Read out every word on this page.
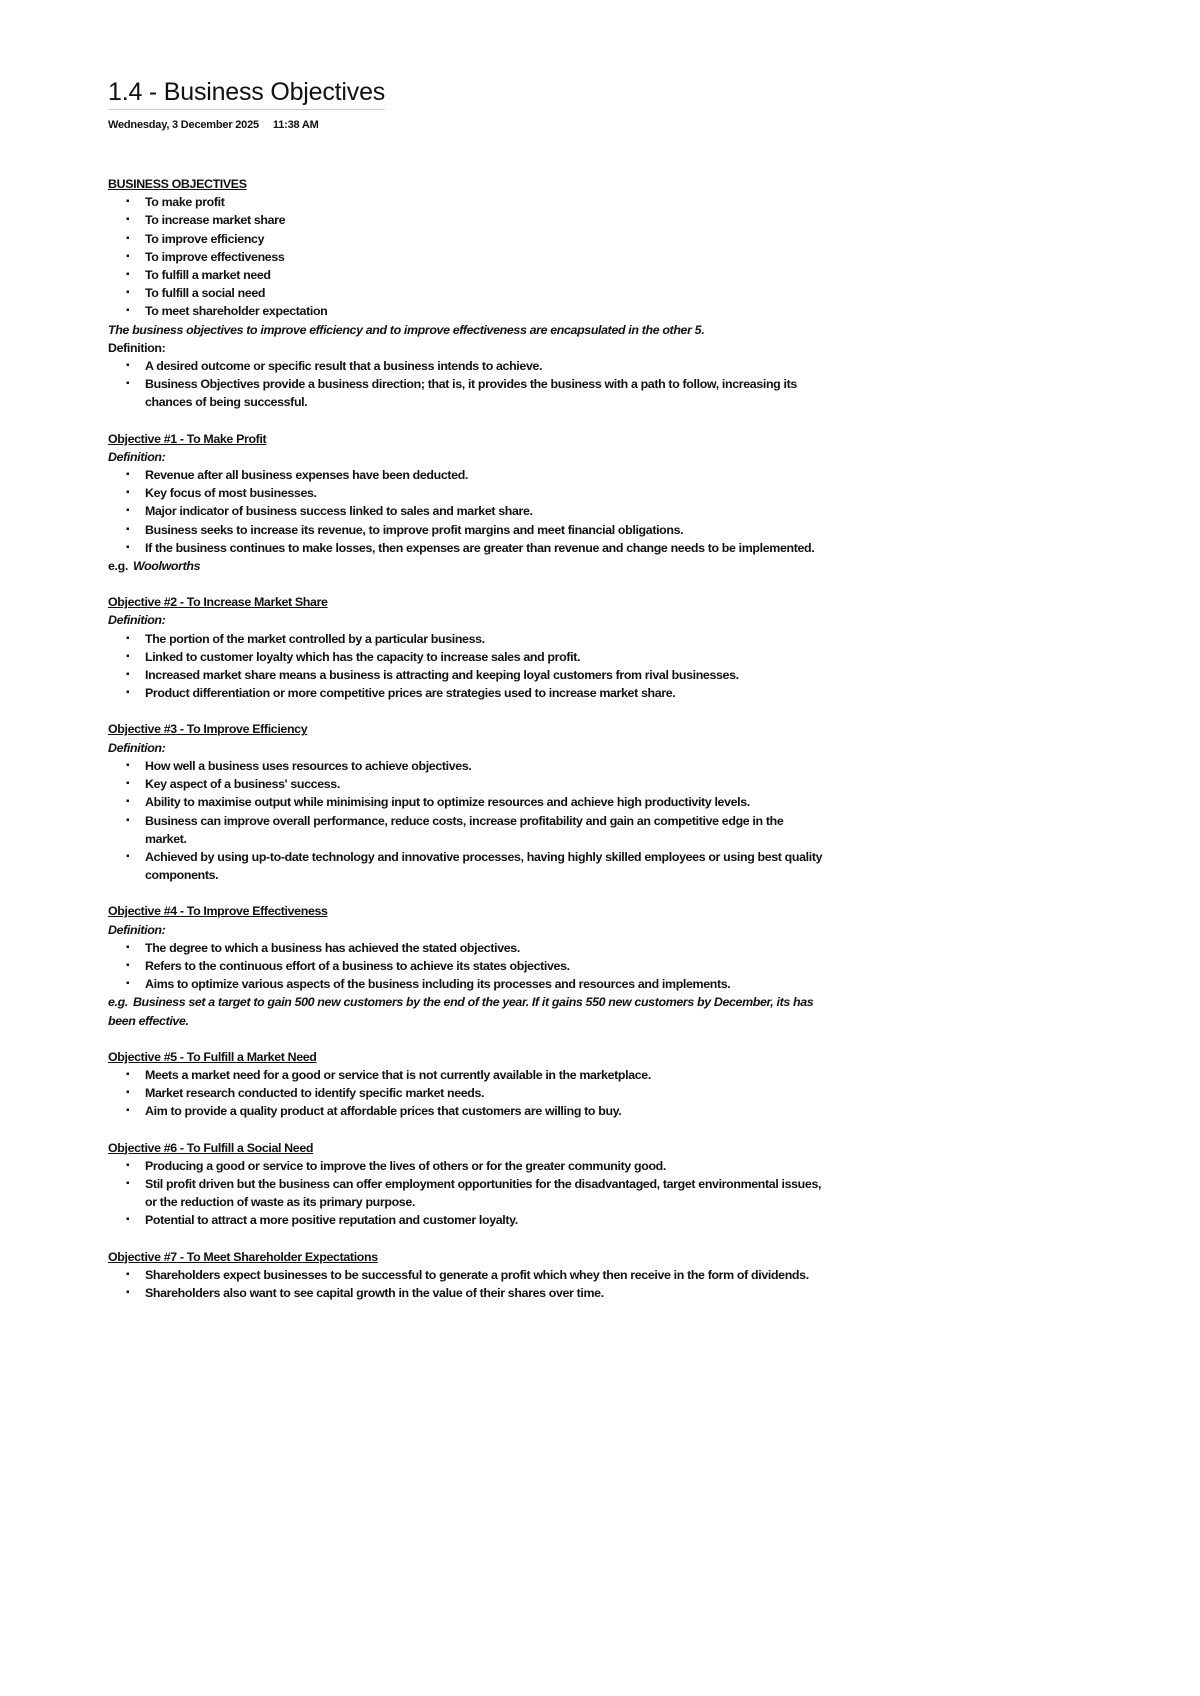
1.4 - Business Objectives
Wednesday, 3 December 2025 11:38 AM
BUSINESS OBJECTIVES
▪ To make profit
▪ To increase market share
▪ To improve efficiency
▪ To improve effectiveness
▪ To fulfill a market need
▪ To fulfill a social need
▪ To meet shareholder expectation
The business objectives to improve efficiency and to improve effectiveness are encapsulated in the other 5.
Definition:
▪ A desired outcome or specific result that a business intends to achieve.
▪ Business Objectives provide a business direction; that is, it provides the business with a path to follow, increasing its chances of being successful.
Objective #1 - To Make Profit
Definition:
▪ Revenue after all business expenses have been deducted.
▪ Key focus of most businesses.
▪ Major indicator of business success linked to sales and market share.
▪ Business seeks to increase its revenue, to improve profit margins and meet financial obligations.
▪ If the business continues to make losses, then expenses are greater than revenue and change needs to be implemented.
e.g. Woolworths
Objective #2 - To Increase Market Share
Definition:
▪ The portion of the market controlled by a particular business.
▪ Linked to customer loyalty which has the capacity to increase sales and profit.
▪ Increased market share means a business is attracting and keeping loyal customers from rival businesses.
▪ Product differentiation or more competitive prices are strategies used to increase market share.
Objective #3 - To Improve Efficiency
Definition:
▪ How well a business uses resources to achieve objectives.
▪ Key aspect of a business' success.
▪ Ability to maximise output while minimising input to optimize resources and achieve high productivity levels.
▪ Business can improve overall performance, reduce costs, increase profitability and gain an competitive edge in the market.
▪ Achieved by using up-to-date technology and innovative processes, having highly skilled employees or using best quality components.
Objective #4 - To Improve Effectiveness
Definition:
▪ The degree to which a business has achieved the stated objectives.
▪ Refers to the continuous effort of a business to achieve its states objectives.
▪ Aims to optimize various aspects of the business including its processes and resources and implements.
e.g. Business set a target to gain 500 new customers by the end of the year. If it gains 550 new customers by December, its has been effective.
Objective #5 - To Fulfill a Market Need
▪ Meets a market need for a good or service that is not currently available in the marketplace.
▪ Market research conducted to identify specific market needs.
▪ Aim to provide a quality product at affordable prices that customers are willing to buy.
Objective #6 - To Fulfill a Social Need
▪ Producing a good or service to improve the lives of others or for the greater community good.
▪ Stil profit driven but the business can offer employment opportunities for the disadvantaged, target environmental issues, or the reduction of waste as its primary purpose.
▪ Potential to attract a more positive reputation and customer loyalty.
Objective #7 - To Meet Shareholder Expectations
▪ Shareholders expect businesses to be successful to generate a profit which whey then receive in the form of dividends.
▪ Shareholders also want to see capital growth in the value of their shares over time.
